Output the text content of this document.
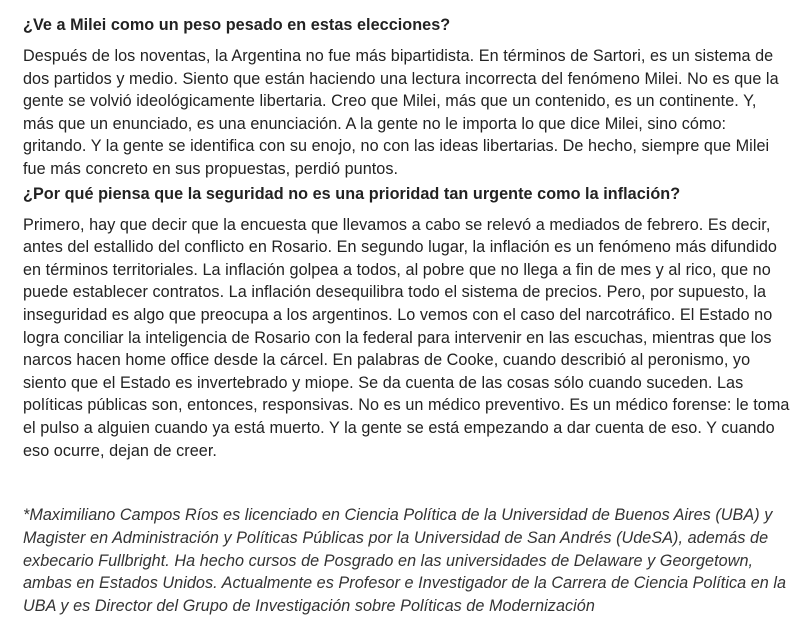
¿Ve a Milei como un peso pesado en estas elecciones?

Después de los noventas, la Argentina no fue más bipartidista. En términos de Sartori, es un sistema de dos partidos y medio. Siento que están haciendo una lectura incorrecta del fenómeno Milei. No es que la gente se volvió ideológicamente libertaria. Creo que Milei, más que un contenido, es un continente. Y, más que un enunciado, es una enunciación. A la gente no le importa lo que dice Milei, sino cómo: gritando. Y la gente se identifica con su enojo, no con las ideas libertarias. De hecho, siempre que Milei fue más concreto en sus propuestas, perdió puntos.

¿Por qué piensa que la seguridad no es una prioridad tan urgente como la inflación?

Primero, hay que decir que la encuesta que llevamos a cabo se relevó a mediados de febrero. Es decir, antes del estallido del conflicto en Rosario. En segundo lugar, la inflación es un fenómeno más difundido en términos territoriales. La inflación golpea a todos, al pobre que no llega a fin de mes y al rico, que no puede establecer contratos. La inflación desequilibra todo el sistema de precios. Pero, por supuesto, la inseguridad es algo que preocupa a los argentinos. Lo vemos con el caso del narcotráfico. El Estado no logra conciliar la inteligencia de Rosario con la federal para intervenir en las escuchas, mientras que los narcos hacen home office desde la cárcel. En palabras de Cooke, cuando describió al peronismo, yo siento que el Estado es invertebrado y miope. Se da cuenta de las cosas sólo cuando suceden. Las políticas públicas son, entonces, responsivas. No es un médico preventivo. Es un médico forense: le toma el pulso a alguien cuando ya está muerto. Y la gente se está empezando a dar cuenta de eso. Y cuando eso ocurre, dejan de creer.

*Maximiliano Campos Ríos es licenciado en Ciencia Política de la Universidad de Buenos Aires (UBA) y Magister en Administración y Políticas Públicas por la Universidad de San Andrés (UdeSA), además de exbecario Fullbright. Ha hecho cursos de Posgrado en las universidades de Delaware y Georgetown, ambas en Estados Unidos. Actualmente es Profesor e Investigador de la Carrera de Ciencia Política en la UBA y es Director del Grupo de Investigación sobre Políticas de Modernización
